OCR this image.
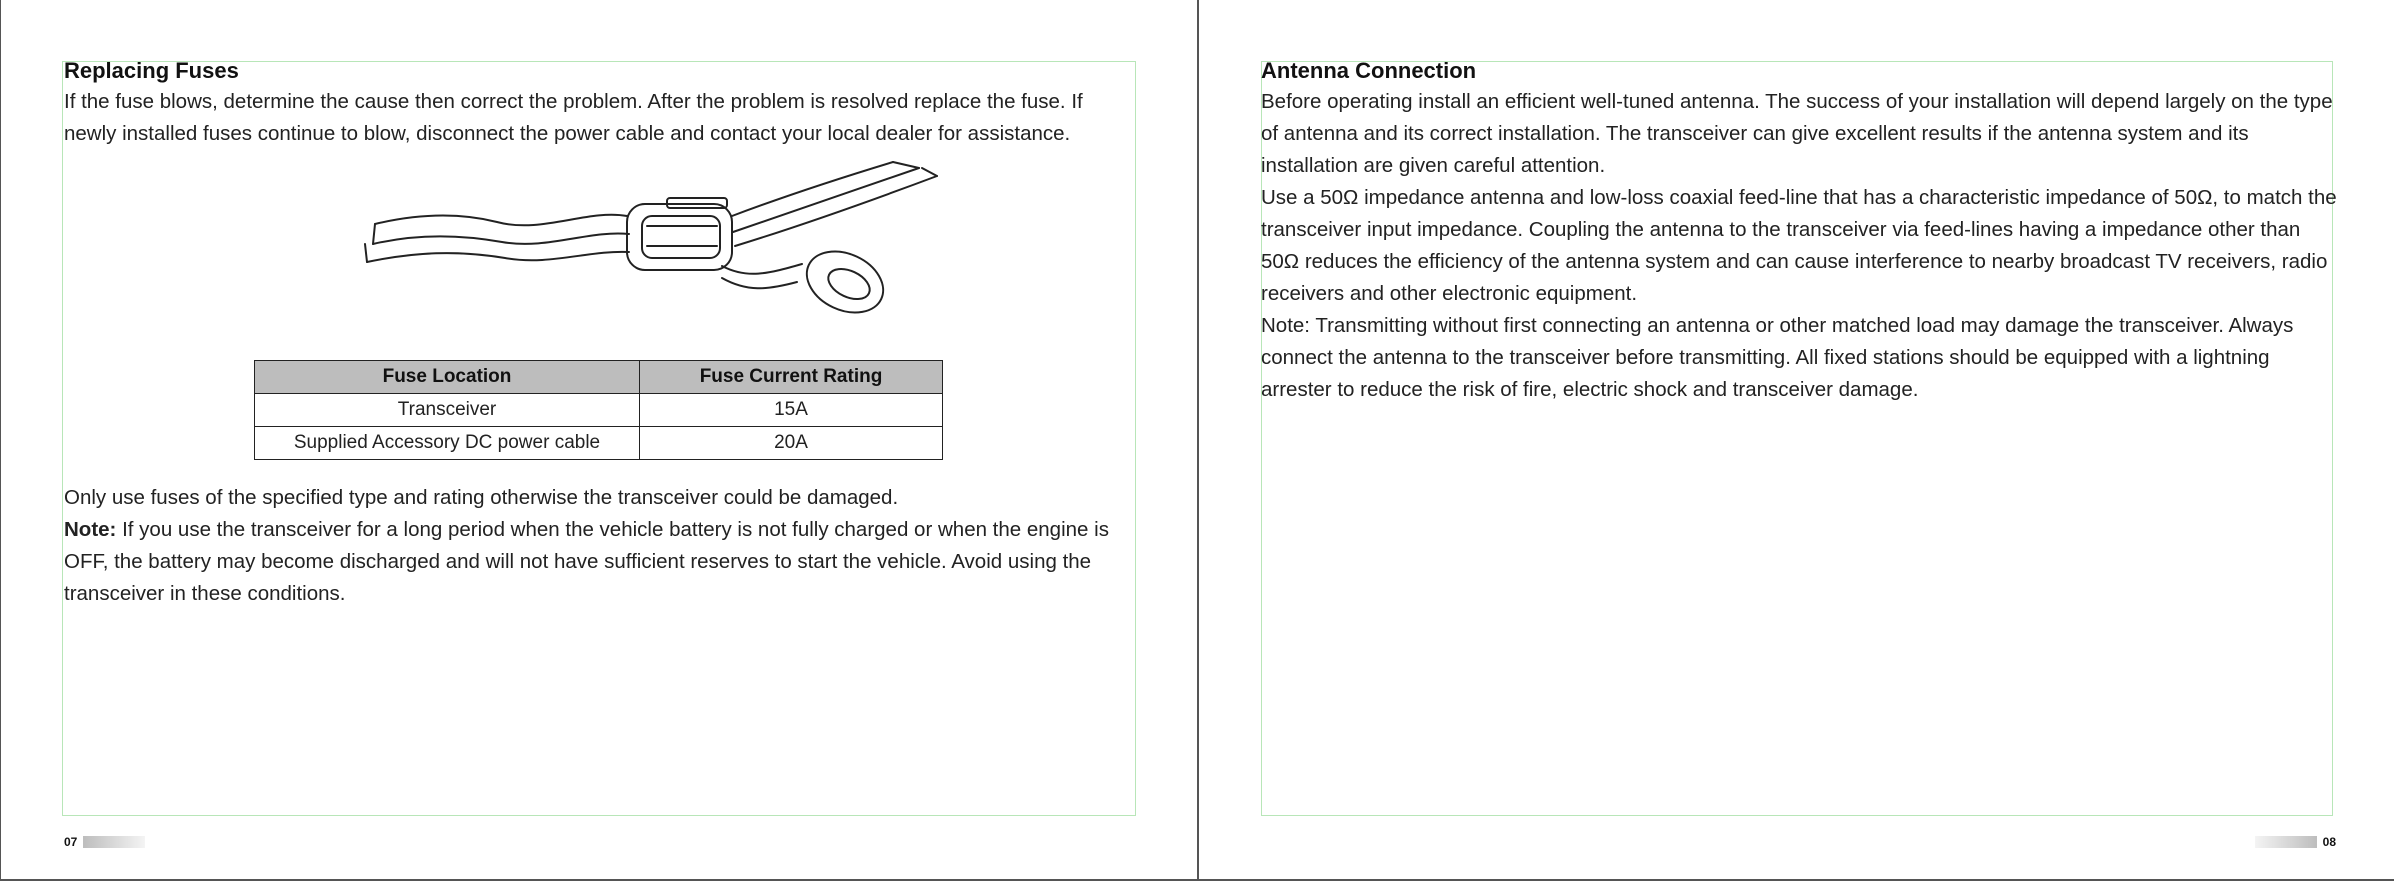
Replacing Fuses

If the fuse blows, determine the cause then correct the problem. After the problem is resolved replace the fuse. If newly installed fuses continue to blow, disconnect the power cable and contact your local dealer for assistance.

Fuse Location	Fuse Current Rating
Transceiver	15A
Supplied Accessory DC power cable	20A

Only use fuses of the specified type and rating otherwise the transceiver could be damaged.

Note: If you use the transceiver for a long period when the vehicle battery is not fully charged or when the engine is OFF, the battery may become discharged and will not have sufficient reserves to start the vehicle. Avoid using the transceiver in these conditions.

07
Antenna Connection

Before operating install an efficient well-tuned antenna. The success of your installation will depend largely on the type of antenna and its correct installation. The transceiver can give excellent results if the antenna system and its installation are given careful attention.

Use a 50Ω impedance antenna and low-loss coaxial feed-line that has a characteristic impedance of 50Ω, to match the transceiver input impedance. Coupling the antenna to the transceiver via feed-lines having a impedance other than 50Ω reduces the efficiency of the antenna system and can cause interference to nearby broadcast TV receivers, radio receivers and other electronic equipment.

Note: Transmitting without first connecting an antenna or other matched load may damage the transceiver. Always connect the antenna to the transceiver before transmitting. All fixed stations should be equipped with a lightning arrester to reduce the risk of fire, electric shock and transceiver damage.

08
